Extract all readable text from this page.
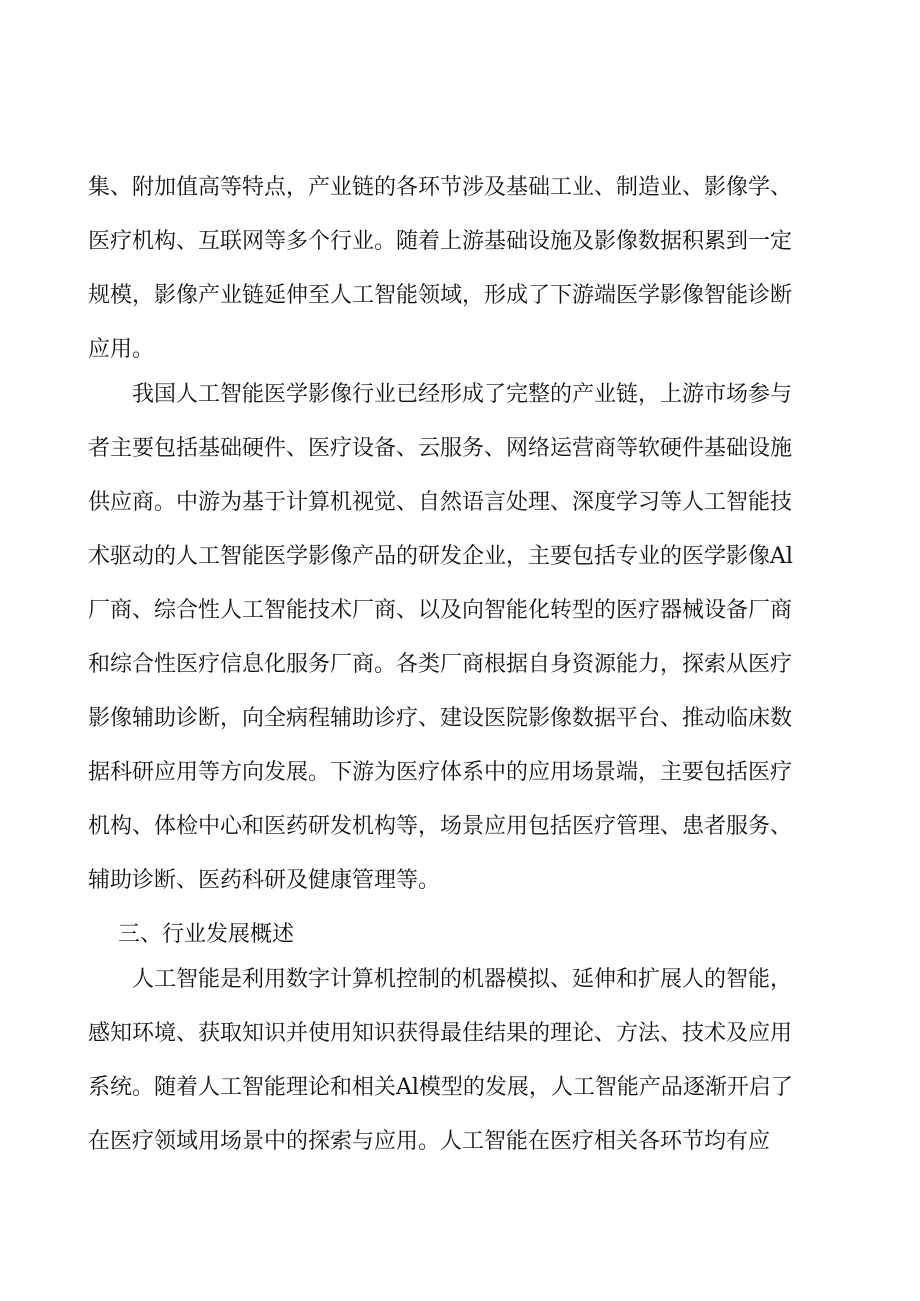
集、附加值高等特点，产业链的各环节涉及基础工业、制造业、影像学、
医疗机构、互联网等多个行业。随着上游基础设施及影像数据积累到一定
规模，影像产业链延伸至人工智能领域，形成了下游端医学影像智能诊断
应用。
我国人工智能医学影像行业已经形成了完整的产业链，上游市场参与
者主要包括基础硬件、医疗设备、云服务、网络运营商等软硬件基础设施
供应商。中游为基于计算机视觉、自然语言处理、深度学习等人工智能技
术驱动的人工智能医学影像产品的研发企业，主要包括专业的医学影像Al
厂商、综合性人工智能技术厂商、以及向智能化转型的医疗器械设备厂商
和综合性医疗信息化服务厂商。各类厂商根据自身资源能力，探索从医疗
影像辅助诊断，向全病程辅助诊疗、建设医院影像数据平台、推动临床数
据科研应用等方向发展。下游为医疗体系中的应用场景端，主要包括医疗
机构、体检中心和医药研发机构等，场景应用包括医疗管理、患者服务、
辅助诊断、医药科研及健康管理等。
三、行业发展概述
人工智能是利用数字计算机控制的机器模拟、延伸和扩展人的智能，
感知环境、获取知识并使用知识获得最佳结果的理论、方法、技术及应用
系统。随着人工智能理论和相关Al模型的发展，人工智能产品逐渐开启了
在医疗领域用场景中的探索与应用。人工智能在医疗相关各环节均有应
